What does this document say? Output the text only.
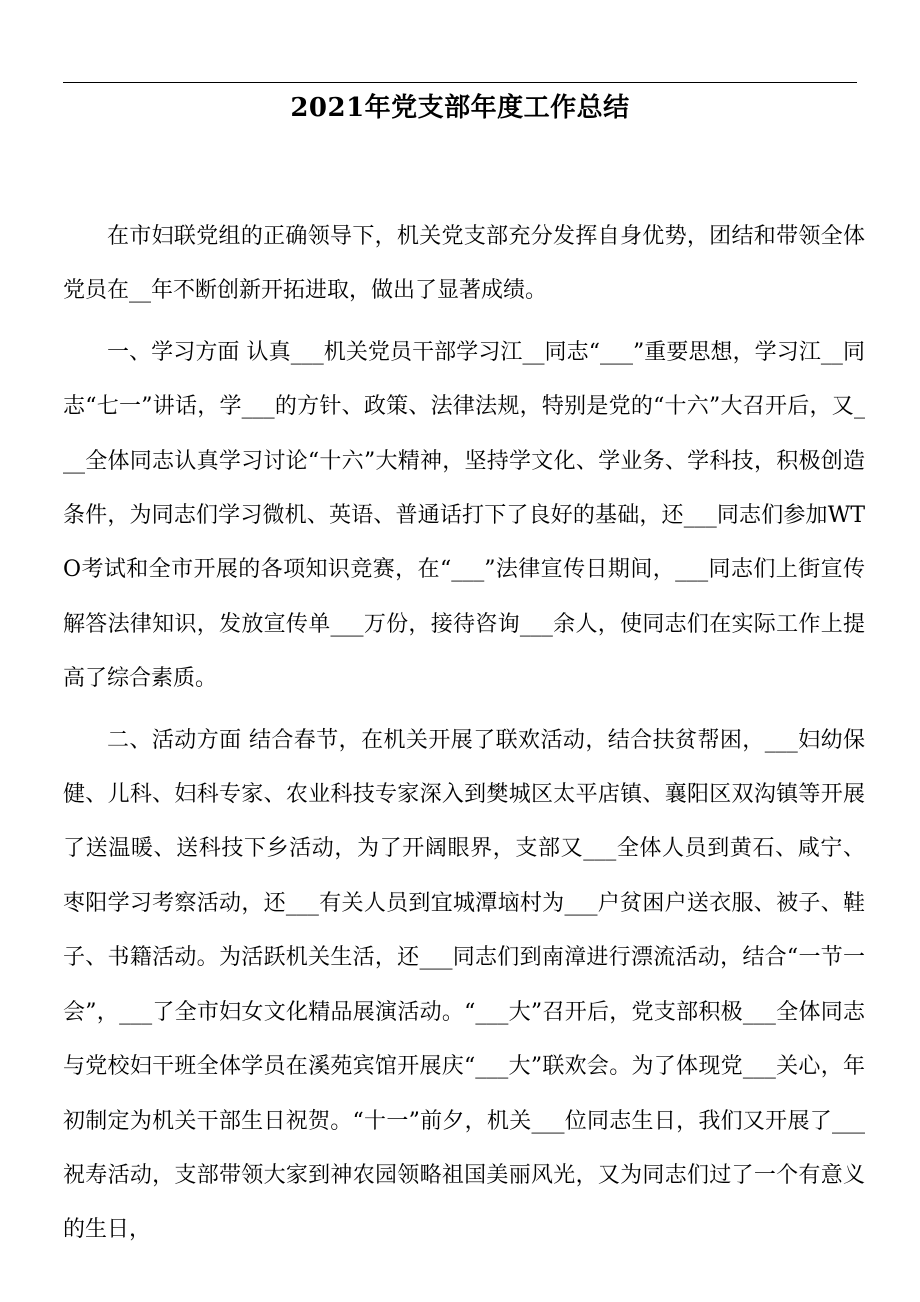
2021年党支部年度工作总结

在市妇联党组的正确领导下，机关党支部充分发挥自身优势，团结和带领全体党员在__年不断创新开拓进取，做出了显著成绩。

一、学习方面 认真___机关党员干部学习江__同志“___”重要思想，学习江__同志“七一”讲话，学___的方针、政策、法律法规，特别是党的“十六”大召开后，又___全体同志认真学习讨论“十六”大精神，坚持学文化、学业务、学科技，积极创造条件，为同志们学习微机、英语、普通话打下了良好的基础，还___同志们参加WTO考试和全市开展的各项知识竞赛，在“___”法律宣传日期间，___同志们上街宣传解答法律知识，发放宣传单___万份，接待咨询___余人，使同志们在实际工作上提高了综合素质。

二、活动方面 结合春节，在机关开展了联欢活动，结合扶贫帮困，___妇幼保健、儿科、妇科专家、农业科技专家深入到樊城区太平店镇、襄阳区双沟镇等开展了送温暖、送科技下乡活动，为了开阔眼界，支部又___全体人员到黄石、咸宁、枣阳学习考察活动，还___有关人员到宜城潭垴村为___户贫困户送衣服、被子、鞋子、书籍活动。为活跃机关生活，还___同志们到南漳进行漂流活动，结合“一节一会”，___了全市妇女文化精品展演活动。“___大”召开后，党支部积极___全体同志与党校妇干班全体学员在溪苑宾馆开展庆“___大”联欢会。为了体现党___关心，年初制定为机关干部生日祝贺。“十一”前夕，机关___位同志生日，我们又开展了___祝寿活动，支部带领大家到神农园领略祖国美丽风光，又为同志们过了一个有意义的生日，
